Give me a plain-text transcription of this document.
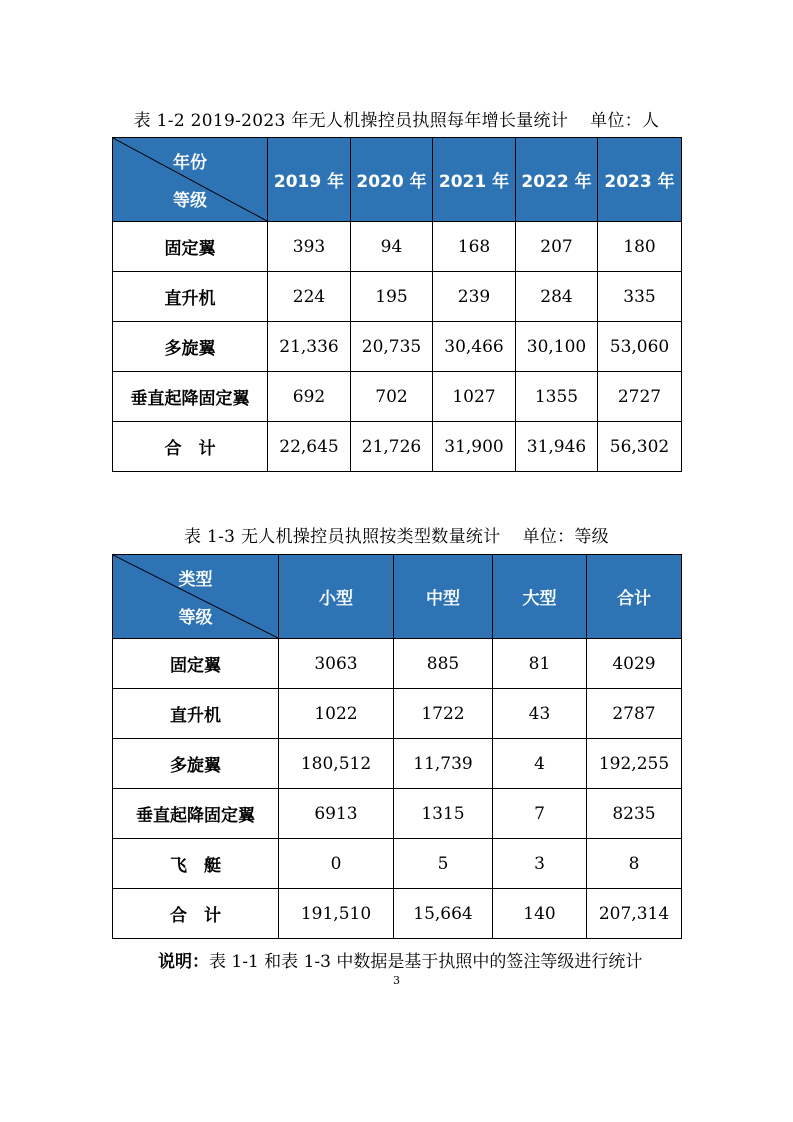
表 1-2 2019-2023 年无人机操控员执照每年增长量统计 单位：人
年份
等级	2019 年	2020 年	2021 年	2022 年	2023 年
固定翼	393	94	168	207	180
直升机	224	195	239	284	335
多旋翼	21,336	20,735	30,466	30,100	53,060
垂直起降固定翼	692	702	1027	1355	2727
合　计	22,645	21,726	31,900	31,946	56,302
表 1-3 无人机操控员执照按类型数量统计 单位：等级
类型
等级	小型	中型	大型	合计
固定翼	3063	885	81	4029
直升机	1022	1722	43	2787
多旋翼	180,512	11,739	4	192,255
垂直起降固定翼	6913	1315	7	8235
飞　艇	0	5	3	8
合　计	191,510	15,664	140	207,314
说明：表 1-1 和表 1-3 中数据是基于执照中的签注等级进行统计
3
